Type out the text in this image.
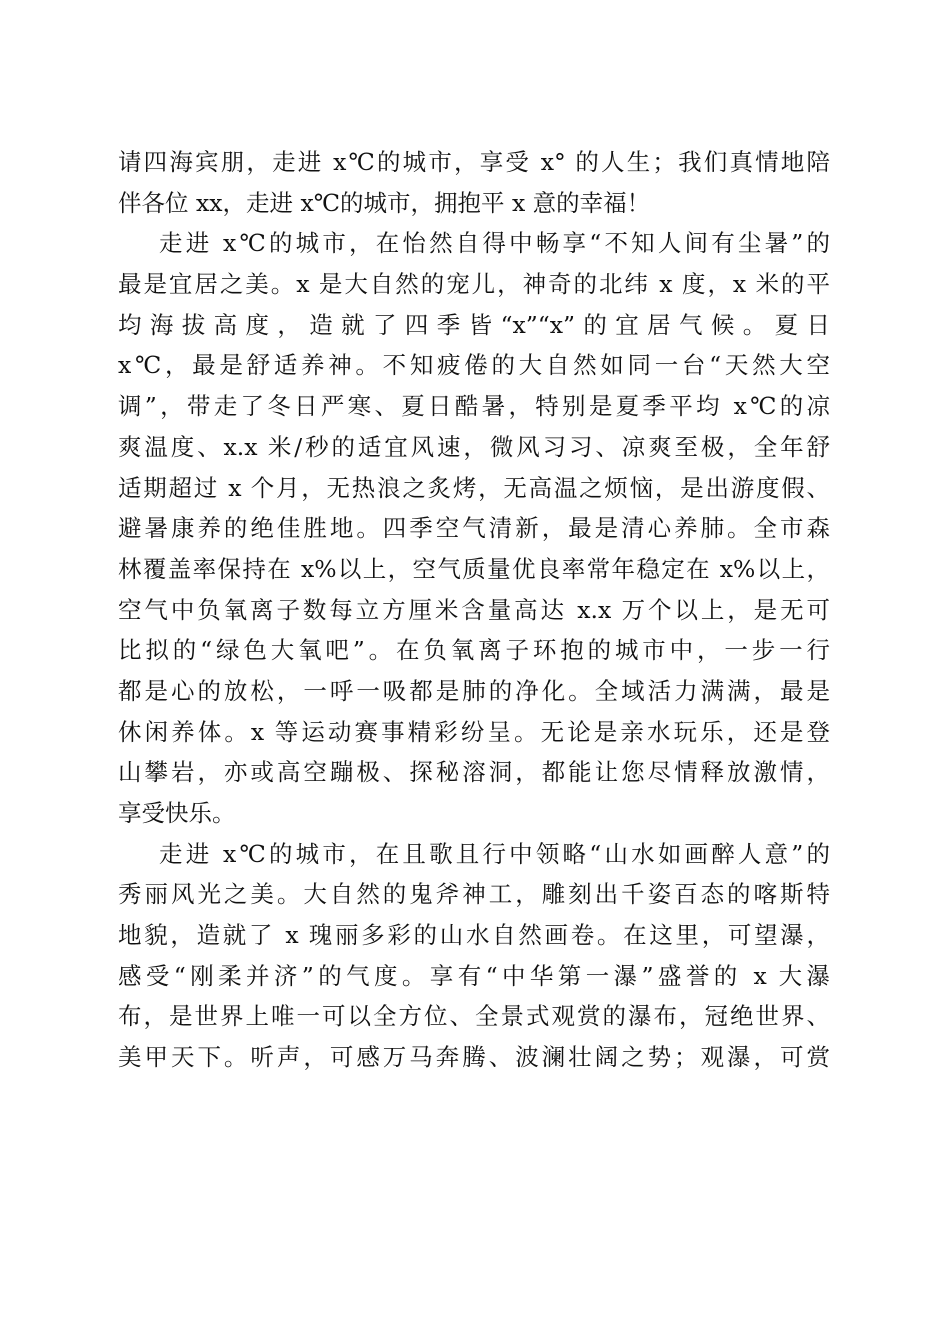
请四海宾朋，走进 x℃的城市，享受 x° 的人生；我们真情地陪
伴各位 xx，走进 x℃的城市，拥抱平 x 意的幸福！
走进 x℃的城市，在怡然自得中畅享“不知人间有尘暑”的
最是宜居之美。x 是大自然的宠儿，神奇的北纬 x 度，x 米的平
均海拔高度，造就了四季皆“x”“x”的宜居气候。夏日
x℃，最是舒适养神。不知疲倦的大自然如同一台“天然大空
调”，带走了冬日严寒、夏日酷暑，特别是夏季平均 x℃的凉
爽温度、x.x 米/秒的适宜风速，微风习习、凉爽至极，全年舒
适期超过 x 个月，无热浪之炙烤，无高温之烦恼，是出游度假、
避暑康养的绝佳胜地。四季空气清新，最是清心养肺。全市森
林覆盖率保持在 x%以上，空气质量优良率常年稳定在 x%以上，
空气中负氧离子数每立方厘米含量高达 x.x 万个以上，是无可
比拟的“绿色大氧吧”。在负氧离子环抱的城市中，一步一行
都是心的放松，一呼一吸都是肺的净化。全域活力满满，最是
休闲养体。x 等运动赛事精彩纷呈。无论是亲水玩乐，还是登
山攀岩，亦或高空蹦极、探秘溶洞，都能让您尽情释放激情，
享受快乐。
走进 x℃的城市，在且歌且行中领略“山水如画醉人意”的
秀丽风光之美。大自然的鬼斧神工，雕刻出千姿百态的喀斯特
地貌，造就了 x 瑰丽多彩的山水自然画卷。在这里，可望瀑，
感受“刚柔并济”的气度。享有“中华第一瀑”盛誉的 x 大瀑
布，是世界上唯一可以全方位、全景式观赏的瀑布，冠绝世界、
美甲天下。听声，可感万马奔腾、波澜壮阔之势；观瀑，可赏
